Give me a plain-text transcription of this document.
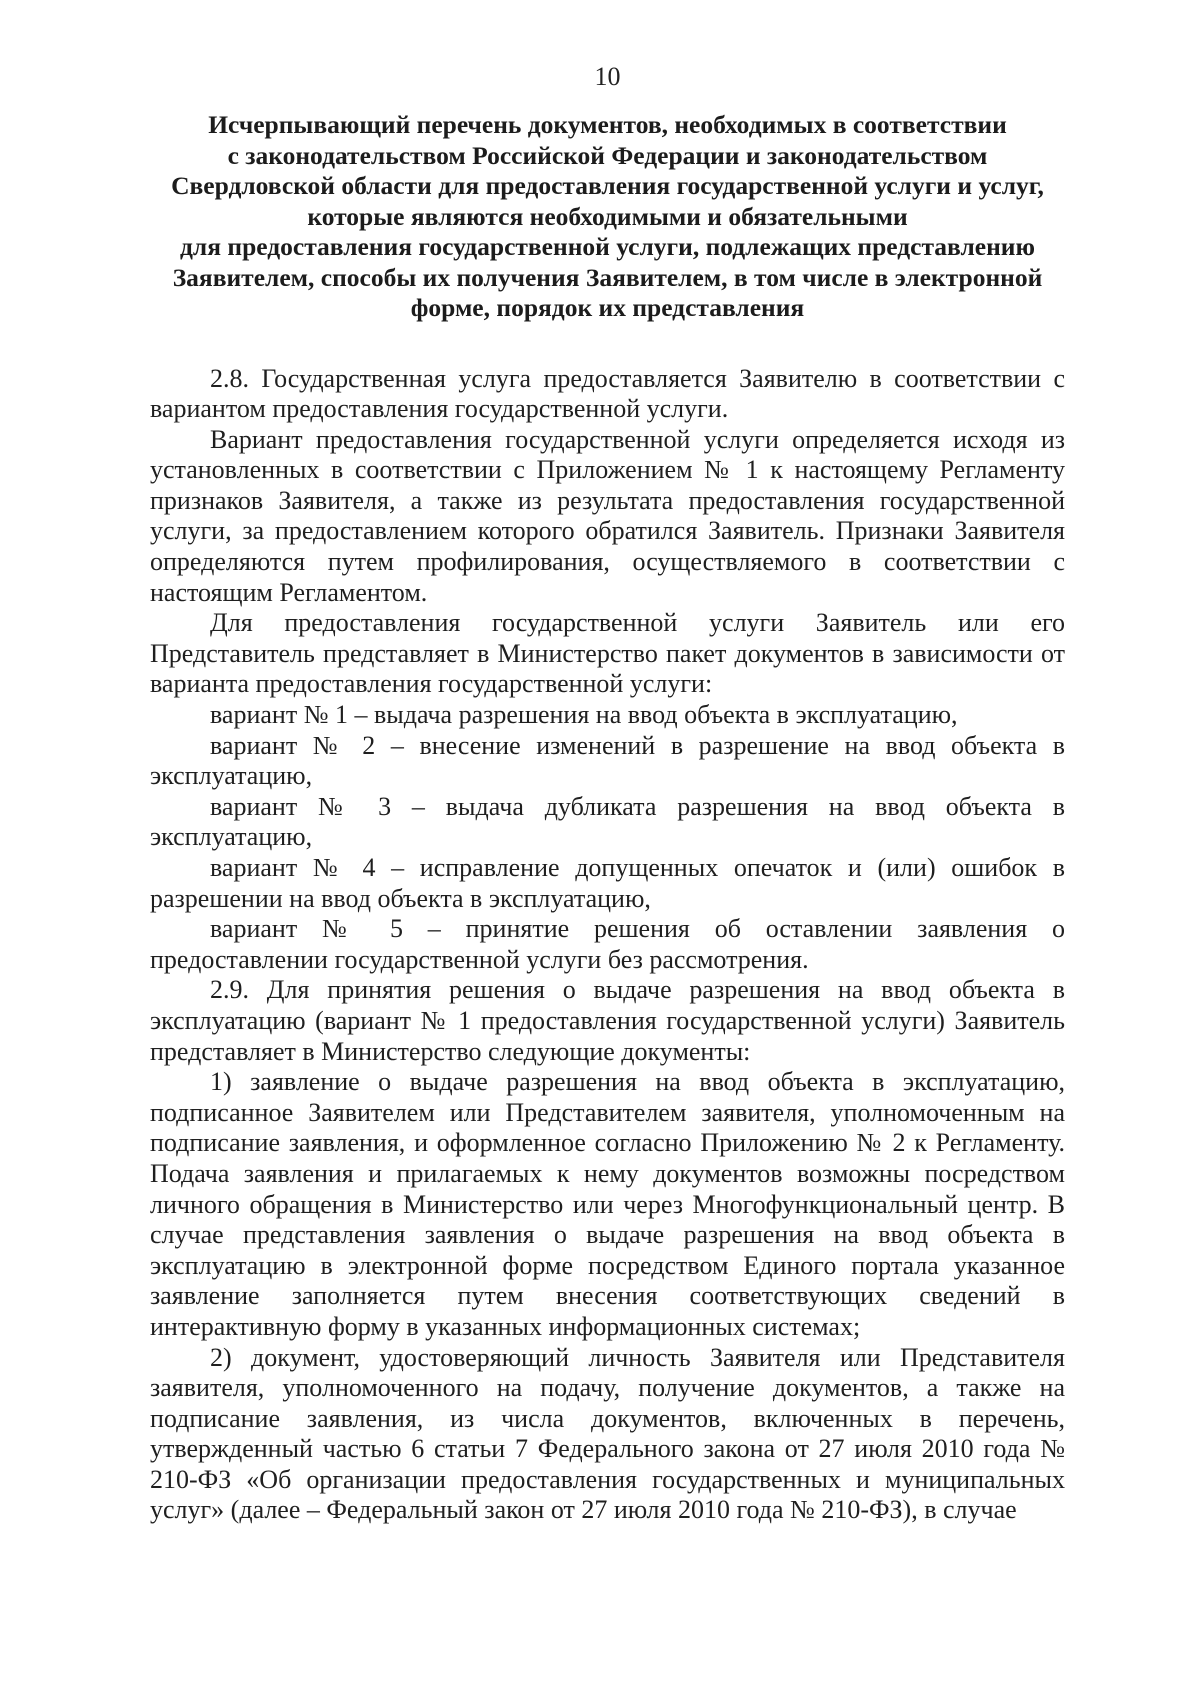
10
Исчерпывающий перечень документов, необходимых в соответствии
с законодательством Российской Федерации и законодательством
Свердловской области для предоставления государственной услуги и услуг,
которые являются необходимыми и обязательными
для предоставления государственной услуги, подлежащих представлению
Заявителем, способы их получения Заявителем, в том числе в электронной
форме, порядок их представления

2.8. Государственная услуга предоставляется Заявителю в соответствии с вариантом предоставления государственной услуги.

Вариант предоставления государственной услуги определяется исходя из установленных в соответствии с Приложением № 1 к настоящему Регламенту признаков Заявителя, а также из результата предоставления государственной услуги, за предоставлением которого обратился Заявитель. Признаки Заявителя определяются путем профилирования, осуществляемого в соответствии с настоящим Регламентом.

Для предоставления государственной услуги Заявитель или его Представитель представляет в Министерство пакет документов в зависимости от варианта предоставления государственной услуги:

вариант № 1 – выдача разрешения на ввод объекта в эксплуатацию,

вариант № 2 – внесение изменений в разрешение на ввод объекта в эксплуатацию,

вариант № 3 – выдача дубликата разрешения на ввод объекта в эксплуатацию,

вариант № 4 – исправление допущенных опечаток и (или) ошибок в разрешении на ввод объекта в эксплуатацию,

вариант № 5 – принятие решения об оставлении заявления о предоставлении государственной услуги без рассмотрения.

2.9. Для принятия решения о выдаче разрешения на ввод объекта в эксплуатацию (вариант № 1 предоставления государственной услуги) Заявитель представляет в Министерство следующие документы:

1) заявление о выдаче разрешения на ввод объекта в эксплуатацию, подписанное Заявителем или Представителем заявителя, уполномоченным на подписание заявления, и оформленное согласно Приложению № 2 к Регламенту. Подача заявления и прилагаемых к нему документов возможны посредством личного обращения в Министерство или через Многофункциональный центр. В случае представления заявления о выдаче разрешения на ввод объекта в эксплуатацию в электронной форме посредством Единого портала указанное заявление заполняется путем внесения соответствующих сведений в интерактивную форму в указанных информационных системах;

2) документ, удостоверяющий личность Заявителя или Представителя заявителя, уполномоченного на подачу, получение документов, а также на подписание заявления, из числа документов, включенных в перечень, утвержденный частью 6 статьи 7 Федерального закона от 27 июля 2010 года № 210-ФЗ «Об организации предоставления государственных и муниципальных услуг» (далее – Федеральный закон от 27 июля 2010 года № 210-ФЗ), в случае
